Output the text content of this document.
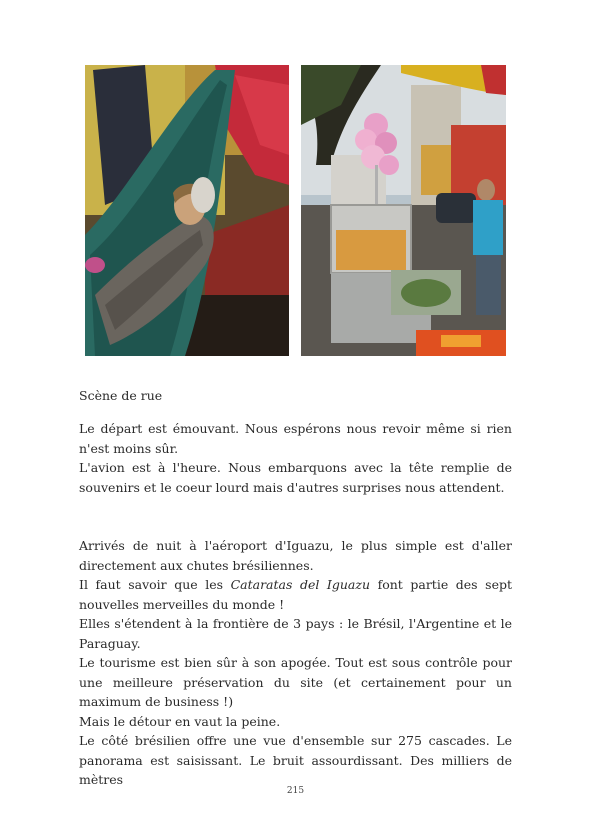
Scène de rue

Le départ est émouvant. Nous espérons nous revoir même si rien n'est moins sûr.

L'avion est à l'heure. Nous embarquons avec la tête remplie de souvenirs et le coeur lourd mais d'autres surprises nous attendent.

Arrivés de nuit à l'aéroport d'Iguazu, le plus simple est d'aller directement aux chutes brésiliennes.

Il faut savoir que les Cataratas del Iguazu font partie des sept nouvelles merveilles du monde !

Elles s'étendent à la frontière de 3 pays : le Brésil, l'Argentine et le Paraguay.

Le tourisme est bien sûr à son apogée. Tout est sous contrôle pour une meilleure préservation du site (et certainement pour un maximum de business !)

Mais le détour en vaut la peine.

Le côté brésilien offre une vue d'ensemble sur 275 cascades. Le panorama est saisissant. Le bruit assourdissant. Des milliers de mètres

215
